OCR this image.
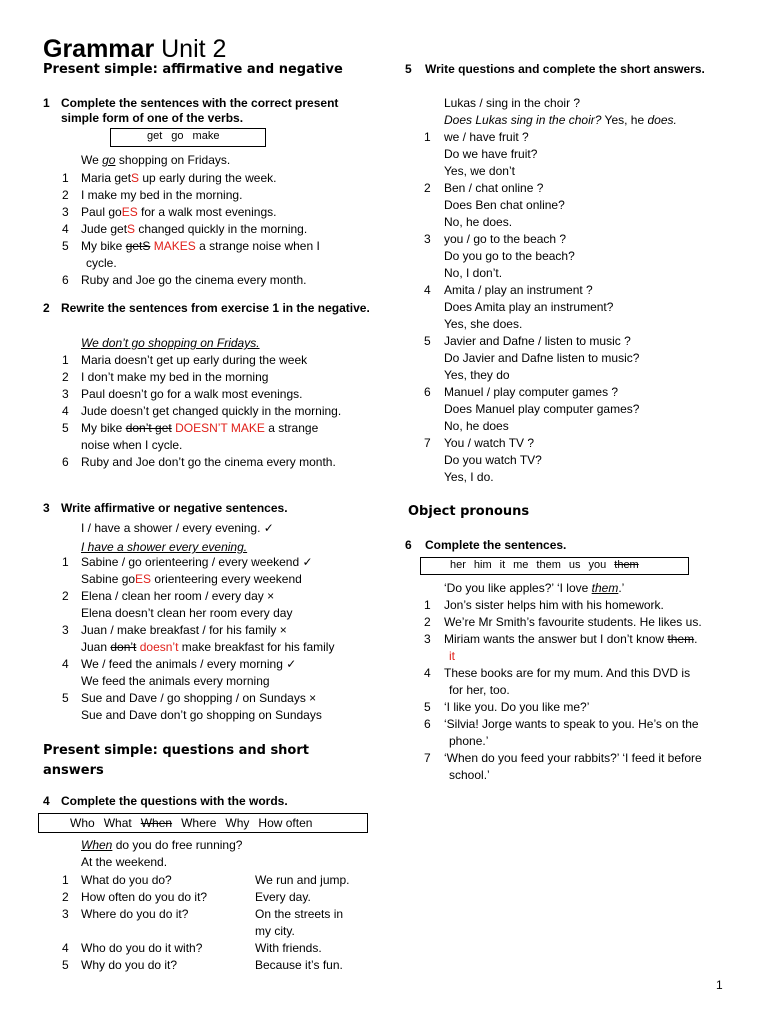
Grammar Unit 2
Present simple: affirmative and negative
1 Complete the sentences with the correct present simple form of one of the verbs.
get go make
We go shopping on Fridays.
1 Maria getS up early during the week.
2 I make my bed in the morning.
3 Paul goES for a walk most evenings.
4 Jude getS changed quickly in the morning.
5 My bike getS MAKES a strange noise when I
cycle.
6 Ruby and Joe go the cinema every month.
2 Rewrite the sentences from exercise 1 in the negative.
We don’t go shopping on Fridays.
1 Maria doesn’t get up early during the week
2 I don’t make my bed in the morning
3 Paul doesn’t go for a walk most evenings.
4 Jude doesn’t get changed quickly in the morning.
5 My bike don’t get DOESN’T MAKE a strange
noise when I cycle.
6 Ruby and Joe don’t go the cinema every month.
3 Write affirmative or negative sentences.
I / have a shower / every evening. ✓
I have a shower every evening.
1 Sabine / go orienteering / every weekend ✓
Sabine goES orienteering every weekend
2 Elena / clean her room / every day ×
Elena doesn’t clean her room every day
3 Juan / make breakfast / for his family ×
Juan don’t doesn’t make breakfast for his family
4 We / feed the animals / every morning ✓
We feed the animals every morning
5 Sue and Dave / go shopping / on Sundays ×
Sue and Dave don’t go shopping on Sundays
Present simple: questions and short answers
4 Complete the questions with the words.
Who What When Where Why How often
When do you do free running?
At the weekend.
1 What do you do?	We run and jump.
2 How often do you do it?	Every day.
3 Where do you do it?	On the streets in
my city.
4 Who do you do it with?	With friends.
5 Why do you do it?	Because it’s fun.
5 Write questions and complete the short answers.
Lukas / sing in the choir ?
Does Lukas sing in the choir? Yes, he does.
1 we / have fruit ?
Do we have fruit?
Yes, we don’t
2 Ben / chat online ?
Does Ben chat online?
No, he does.
3 you / go to the beach ?
Do you go to the beach?
No, I don’t.
4 Amita / play an instrument ?
Does Amita play an instrument?
Yes, she does.
5 Javier and Dafne / listen to music ?
Do Javier and Dafne listen to music?
Yes, they do
6 Manuel / play computer games ?
Does Manuel play computer games?
No, he does
7 You / watch TV ?
Do you watch TV?
Yes, I do.
Object pronouns
6 Complete the sentences.
her him it me them us you them
‘Do you like apples?’ ‘I love them.’
1 Jon’s sister helps him with his homework.
2 We’re Mr Smith’s favourite students. He likes us.
3 Miriam wants the answer but I don’t know them.
it
4 These books are for my mum. And this DVD is
for her, too.
5 ‘I like you. Do you like me?’
6 ‘Silvia! Jorge wants to speak to you. He’s on the
phone.’
7 ‘When do you feed your rabbits?’ ‘I feed it before
school.’
1
